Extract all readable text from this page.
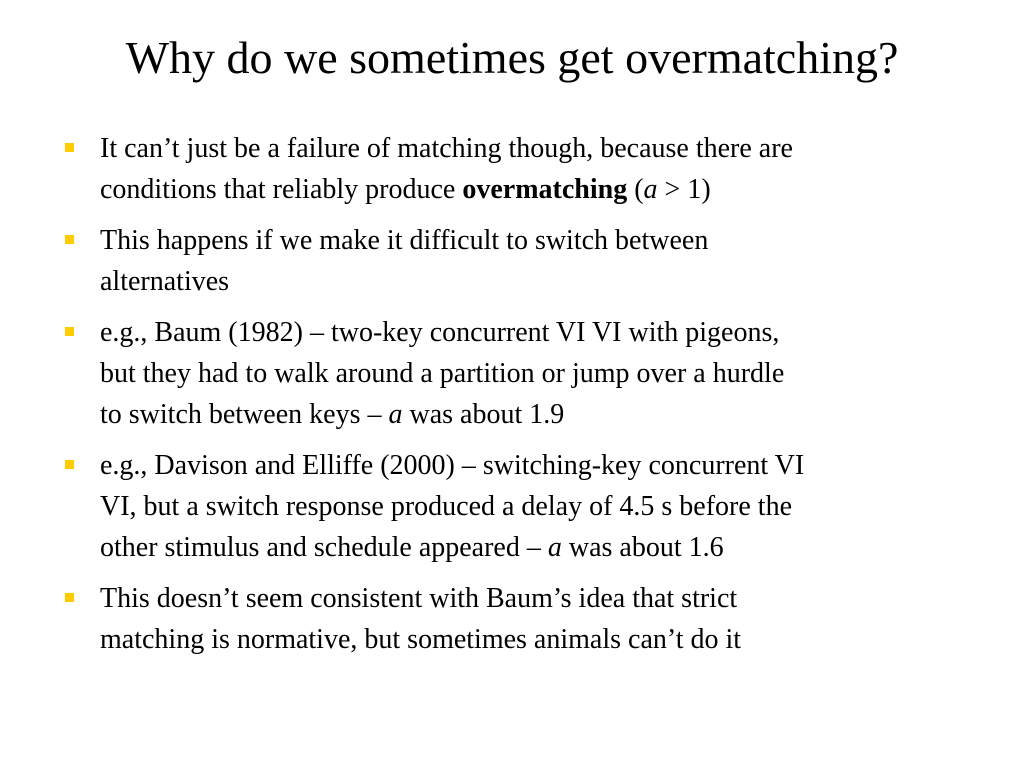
Why do we sometimes get overmatching?
It can’t just be a failure of matching though, because there are
conditions that reliably produce overmatching (a > 1)
This happens if we make it difficult to switch between
alternatives
e.g., Baum (1982) – two-key concurrent VI VI with pigeons,
but they had to walk around a partition or jump over a hurdle
to switch between keys – a was about 1.9
e.g., Davison and Elliffe (2000) – switching-key concurrent VI
VI, but a switch response produced a delay of 4.5 s before the
other stimulus and schedule appeared – a was about 1.6
This doesn’t seem consistent with Baum’s idea that strict
matching is normative, but sometimes animals can’t do it
